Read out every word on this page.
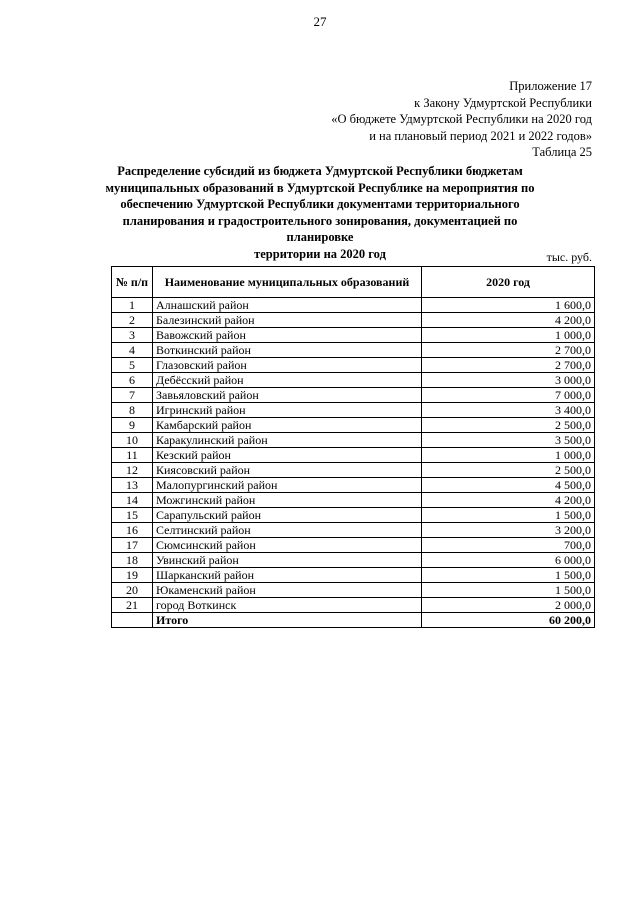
27
Приложение 17
к Закону Удмуртской Республики
«О бюджете Удмуртской Республики на 2020 год
и на плановый период 2021 и 2022 годов»
Таблица 25
Распределение субсидий из бюджета Удмуртской Республики бюджетам
муниципальных образований в Удмуртской Республике на мероприятия по
обеспечению Удмуртской Республики документами территориального
планирования и градостроительного зонирования, документацией по планировке
территории на 2020 год	тыс. руб.
№ п/п	Наименование муниципальных образований	2020 год
1	Алнашский район	1 600,0
2	Балезинский район	4 200,0
3	Вавожский район	1 000,0
4	Воткинский район	2 700,0
5	Глазовский район	2 700,0
6	Дебёсский район	3 000,0
7	Завьяловский район	7 000,0
8	Игринский район	3 400,0
9	Камбарский район	2 500,0
10	Каракулинский район	3 500,0
11	Кезский район	1 000,0
12	Киясовский район	2 500,0
13	Малопургинский район	4 500,0
14	Можгинский район	4 200,0
15	Сарапульский район	1 500,0
16	Селтинский район	3 200,0
17	Сюмсинский район	700,0
18	Увинский район	6 000,0
19	Шарканский район	1 500,0
20	Юкаменский район	1 500,0
21	город Воткинск	2 000,0
	Итого	60 200,0
